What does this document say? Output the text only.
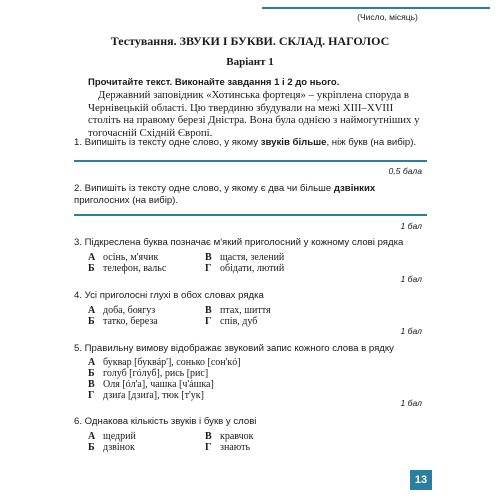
(Число, місяць)
Тестування. ЗВУКИ І БУКВИ. СКЛАД. НАГОЛОС
Варіант 1
Прочитайте текст. Виконайте завдання 1 і 2 до нього.
Державний заповідник «Хотинська фортеця» – укріплена споруда в Чернівецькій області. Цю твердиню збудували на межі XIII–XVIII століть на правому березі Дністра. Вона була однією з наймогутніших у тогочасній Східній Європі.
1. Випишіть із тексту одне слово, у якому звуків більше, ніж букв (на вибір).
0,5 бала
2. Випишіть із тексту одне слово, у якому є два чи більше дзвінких приголосних (на вибір).
1 бал
3. Підкреслена буква позначає м'який приголосний у кожному слові рядка
А осінь, м'ячик
Б телефон, вальс
В щастя, зелений
Г обідати, лютий
1 бал
4. Усі приголосні глухі в обох словах рядка
А доба, боягуз
Б татко, береза
В птах, шиття
Г спів, дуб
1 бал
5. Правильну вимову відображає звуковий запис кожного слова в рядку
А буквар [буквáр'], сонько [сон'кó]
Б голуб [гóлуб], рись [рис]
В Оля [óл'а], чашка [ч'áшка]
Г дзиґа [дзиґа], тюк [т'ук]
1 бал
6. Однакова кількість звуків і букв у слові
А щедрий
Б дзвінок
В кравчок
Г знають
13
